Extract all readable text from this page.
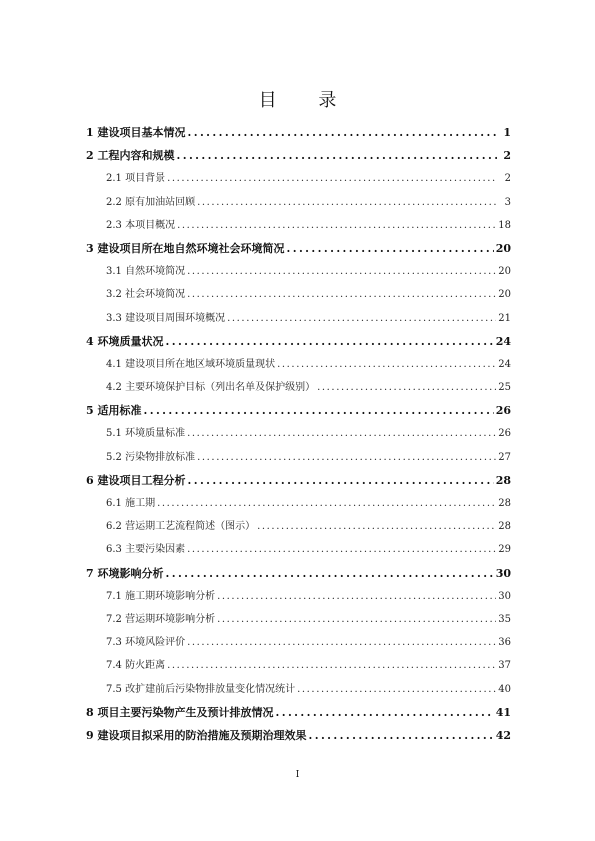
目 录
1 建设项目基本情况 .....	1
2 工程内容和规模 .....	2
2.1 项目背景 .....	2
2.2 原有加油站回顾 .....	3
2.3 本项目概况 .....	18
3 建设项目所在地自然环境社会环境简况 .....	20
3.1 自然环境简况 .....	20
3.2 社会环境简况 .....	20
3.3 建设项目周围环境概况 .....	21
4 环境质量状况 .....	24
4.1 建设项目所在地区域环境质量现状 .....	24
4.2 主要环境保护目标（列出名单及保护级别） .....	25
5 适用标准 .....	26
5.1 环境质量标准 .....	26
5.2 污染物排放标准 .....	27
6 建设项目工程分析 .....	28
6.1 施工期 .....	28
6.2 营运期工艺流程简述（图示） .....	28
6.3 主要污染因素 .....	29
7 环境影响分析 .....	30
7.1 施工期环境影响分析 .....	30
7.2 营运期环境影响分析 .....	35
7.3 环境风险评价 .....	36
7.4 防火距离 .....	37
7.5 改扩建前后污染物排放量变化情况统计 .....	40
8 项目主要污染物产生及预计排放情况 .....	41
9 建设项目拟采用的防治措施及预期治理效果 .....	42
I
